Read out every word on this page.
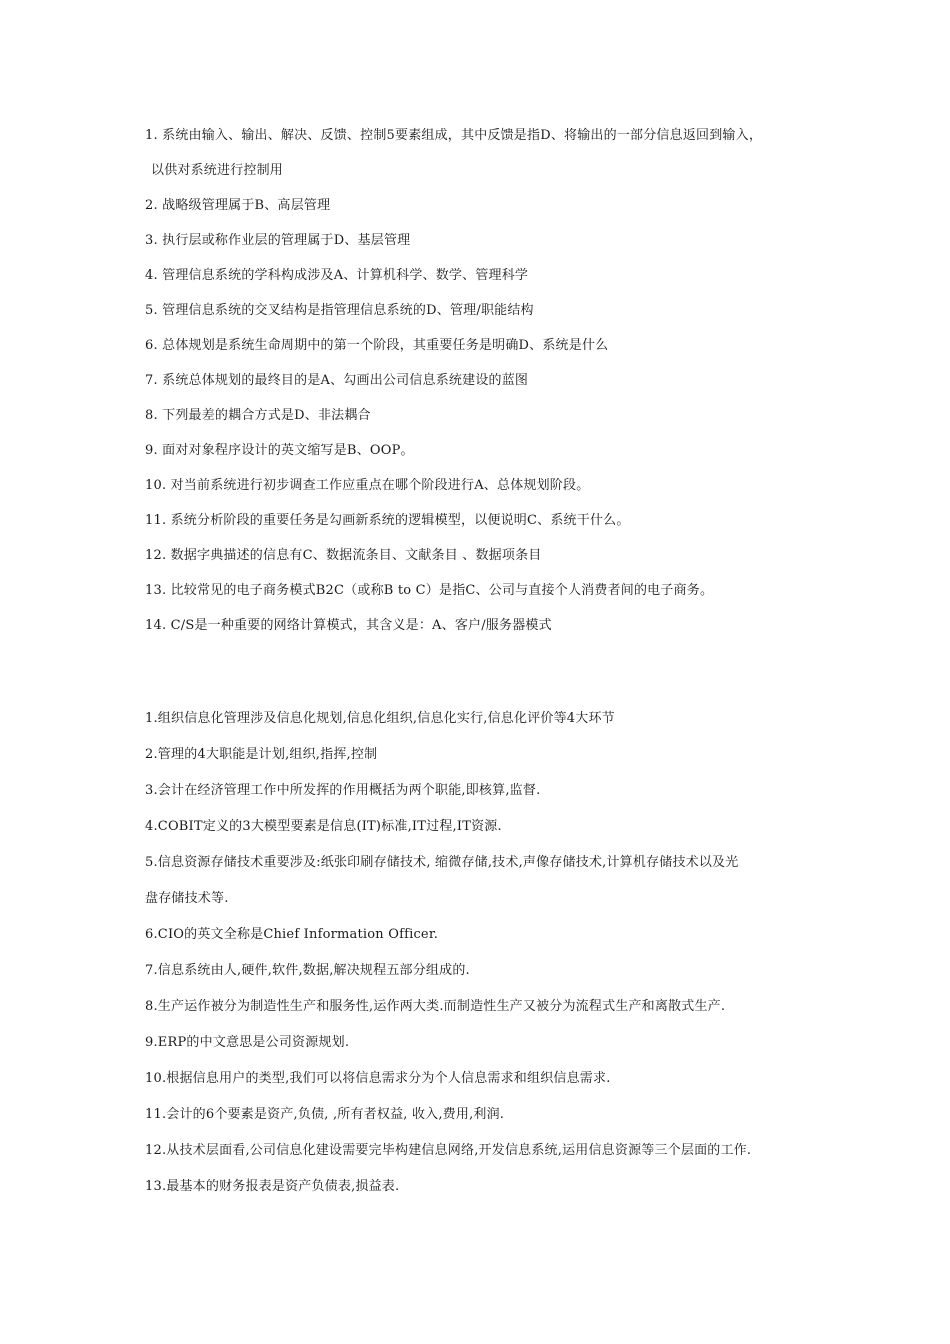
1. 系统由输入、输出、解决、反馈、控制5要素组成，其中反馈是指D、将输出的一部分信息返回到输入，
以供对系统进行控制用
2. 战略级管理属于B、高层管理
3. 执行层或称作业层的管理属于D、基层管理
4. 管理信息系统的学科构成涉及A、计算机科学、数学、管理科学
5. 管理信息系统的交叉结构是指管理信息系统的D、管理/职能结构
6. 总体规划是系统生命周期中的第一个阶段，其重要任务是明确D、系统是什么
7. 系统总体规划的最终目的是A、勾画出公司信息系统建设的蓝图
8. 下列最差的耦合方式是D、非法耦合
9. 面对对象程序设计的英文缩写是B、OOP。
10. 对当前系统进行初步调查工作应重点在哪个阶段进行A、总体规划阶段。
11. 系统分析阶段的重要任务是勾画新系统的逻辑模型，以便说明C、系统干什么。
12. 数据字典描述的信息有C、数据流条目、文献条目 、数据项条目
13. 比较常见的电子商务模式B2C（或称B to C）是指C、公司与直接个人消费者间的电子商务。
14. C/S是一种重要的网络计算模式，其含义是：A、客户/服务器模式
1.组织信息化管理涉及信息化规划,信息化组织,信息化实行,信息化评价等4大环节
2.管理的4大职能是计划,组织,指挥,控制
3.会计在经济管理工作中所发挥的作用概括为两个职能,即核算,监督.
4.COBIT定义的3大模型要素是信息(IT)标准,IT过程,IT资源.
5.信息资源存储技术重要涉及:纸张印刷存储技术, 缩微存储,技术,声像存储技术,计算机存储技术以及光
盘存储技术等.
6.CIO的英文全称是Chief Information Officer.
7.信息系统由人,硬件,软件,数据,解决规程五部分组成的.
8.生产运作被分为制造性生产和服务性,运作两大类.而制造性生产又被分为流程式生产和离散式生产.
9.ERP的中文意思是公司资源规划.
10.根据信息用户的类型,我们可以将信息需求分为个人信息需求和组织信息需求.
11.会计的6个要素是资产,负债, ,所有者权益, 收入,费用,利润.
12.从技术层面看,公司信息化建设需要完毕构建信息网络,开发信息系统,运用信息资源等三个层面的工作.
13.最基本的财务报表是资产负债表,损益表.
